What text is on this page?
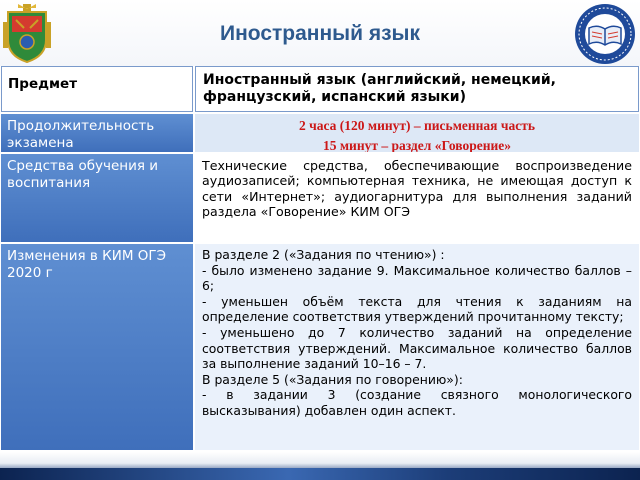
Иностранный язык
Предмет	Иностранный язык (английский, немецкий, французский, испанский языки)
Продолжительность экзамена
2 часа (120 минут) – письменная часть
15 минут – раздел «Говорение»
Средства обучения и воспитания
Технические средства, обеспечивающие воспроизведение аудиозаписей; компьютерная техника, не имеющая доступ к сети «Интернет»; аудиогарнитура для выполнения заданий раздела «Говорение» КИМ ОГЭ
Изменения в КИМ ОГЭ 2020 г
В разделе 2 («Задания по чтению») :
- было изменено задание 9. Максимальное количество баллов – 6;
- уменьшен объём текста для чтения к заданиям на определение соответствия утверждений прочитанному тексту;
- уменьшено до 7 количество заданий на определение соответствия утверждений. Максимальное количество баллов за выполнение заданий 10–16 – 7.
В разделе 5 («Задания по говорению»):
- в задании 3 (создание связного монологического высказывания) добавлен один аспект.
